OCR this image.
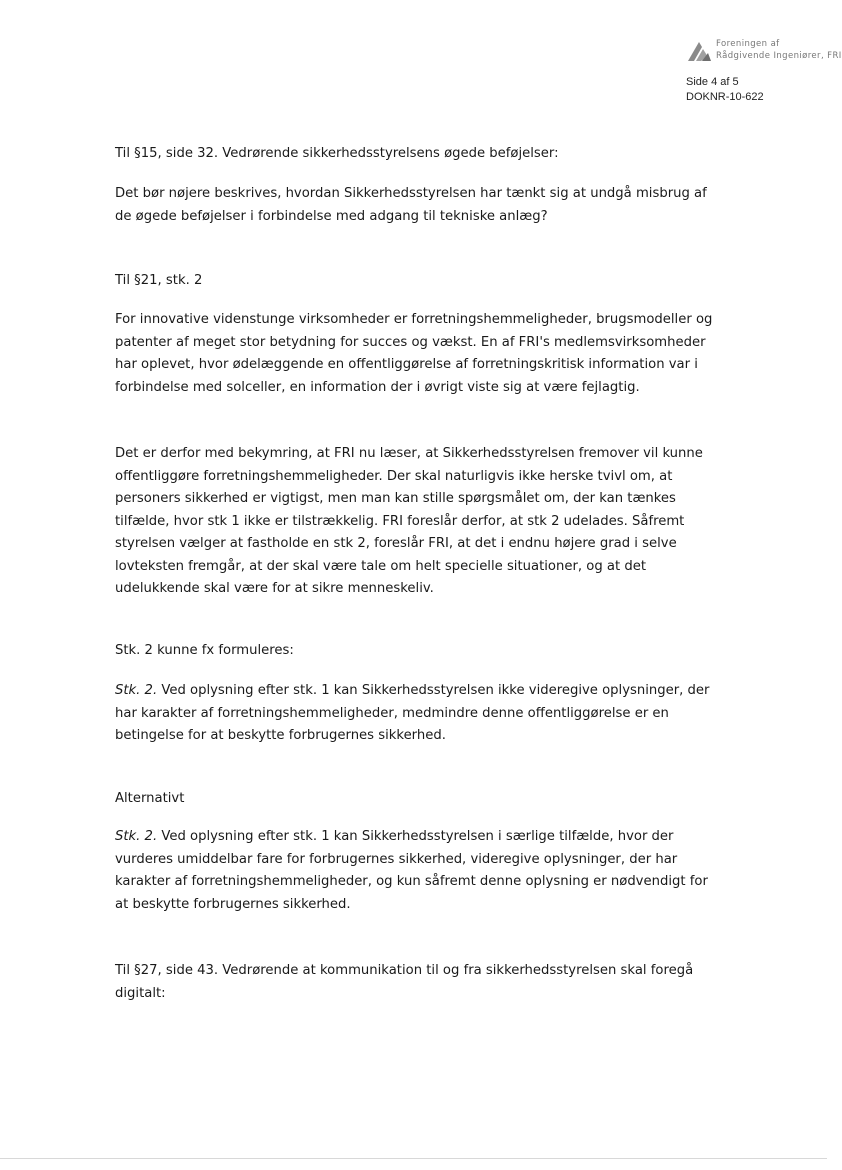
Foreningen af
Rådgivende Ingeniører, FRI
Side 4 af 5
DOKNR-10-622
Til §15, side 32. Vedrørende sikkerhedsstyrelsens øgede beføjelser:
Det bør nøjere beskrives, hvordan Sikkerhedsstyrelsen har tænkt sig at undgå misbrug af
de øgede beføjelser i forbindelse med adgang til tekniske anlæg?
Til §21, stk. 2
For innovative videnstunge virksomheder er forretningshemmeligheder, brugsmodeller og
patenter af meget stor betydning for succes og vækst. En af FRI's medlemsvirksomheder
har oplevet, hvor ødelæggende en offentliggørelse af forretningskritisk information var i
forbindelse med solceller, en information der i øvrigt viste sig at være fejlagtig.
Det er derfor med bekymring, at FRI nu læser, at Sikkerhedsstyrelsen fremover vil kunne
offentliggøre forretningshemmeligheder. Der skal naturligvis ikke herske tvivl om, at
personers sikkerhed er vigtigst, men man kan stille spørgsmålet om, der kan tænkes
tilfælde, hvor stk 1 ikke er tilstrækkelig. FRI foreslår derfor, at stk 2 udelades. Såfremt
styrelsen vælger at fastholde en stk 2, foreslår FRI, at det i endnu højere grad i selve
lovteksten fremgår, at der skal være tale om helt specielle situationer, og at det
udelukkende skal være for at sikre menneskeliv.
Stk. 2 kunne fx formuleres:
Stk. 2. Ved oplysning efter stk. 1 kan Sikkerhedsstyrelsen ikke videregive oplysninger, der
har karakter af forretningshemmeligheder, medmindre denne offentliggørelse er en
betingelse for at beskytte forbrugernes sikkerhed.
Alternativt
Stk. 2. Ved oplysning efter stk. 1 kan Sikkerhedsstyrelsen i særlige tilfælde, hvor der
vurderes umiddelbar fare for forbrugernes sikkerhed, videregive oplysninger, der har
karakter af forretningshemmeligheder, og kun såfremt denne oplysning er nødvendigt for
at beskytte forbrugernes sikkerhed.
Til §27, side 43. Vedrørende at kommunikation til og fra sikkerhedsstyrelsen skal foregå
digitalt:
